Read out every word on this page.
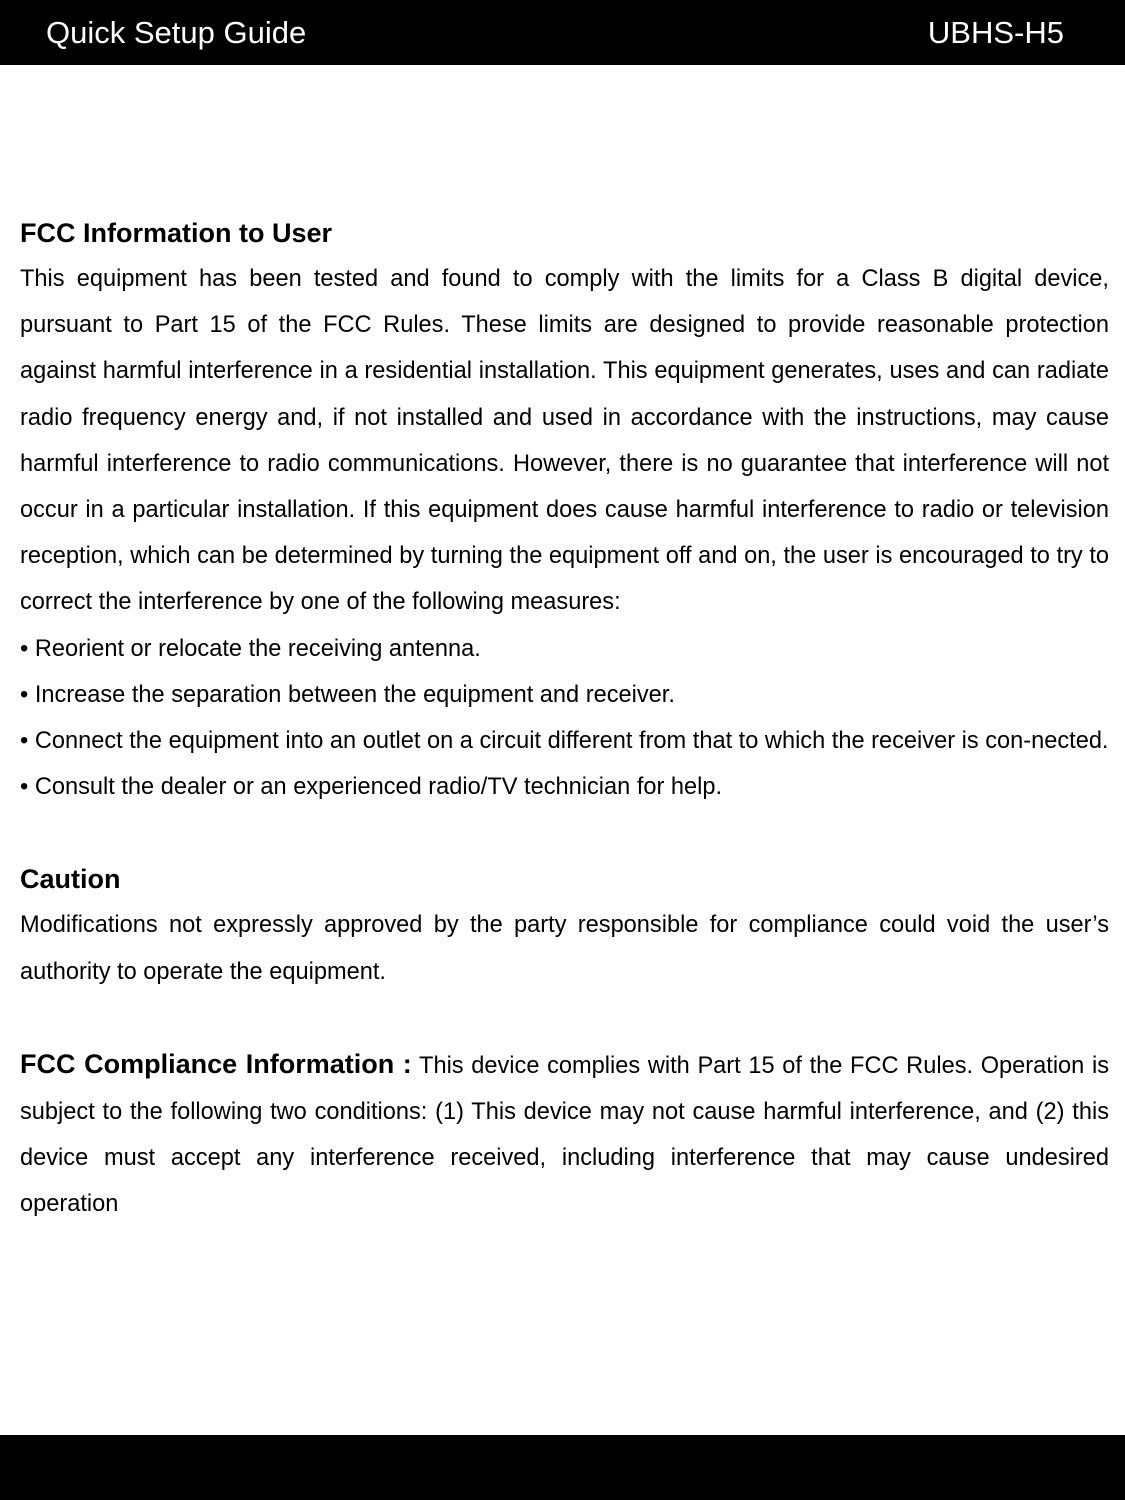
Quick Setup Guide	UBHS-H5
FCC Information to User

This equipment has been tested and found to comply with the limits for a Class B digital device, pursuant to Part 15 of the FCC Rules. These limits are designed to provide reasonable protection against harmful interference in a residential installation. This equipment generates, uses and can radiate radio frequency energy and, if not installed and used in accordance with the instructions, may cause harmful interference to radio communications. However, there is no guarantee that interference will not occur in a particular installation. If this equipment does cause harmful interference to radio or television reception, which can be determined by turning the equipment off and on, the user is encouraged to try to correct the interference by one of the following measures:

• Reorient or relocate the receiving antenna.

• Increase the separation between the equipment and receiver.

• Connect the equipment into an outlet on a circuit different from that to which the receiver is con-nected.

• Consult the dealer or an experienced radio/TV technician for help.

Caution

Modifications not expressly approved by the party responsible for compliance could void the user’s authority to operate the equipment.

FCC Compliance Information : This device complies with Part 15 of the FCC Rules. Operation is subject to the following two conditions: (1) This device may not cause harmful interference, and (2) this device must accept any interference received, including interference that may cause undesired operation
